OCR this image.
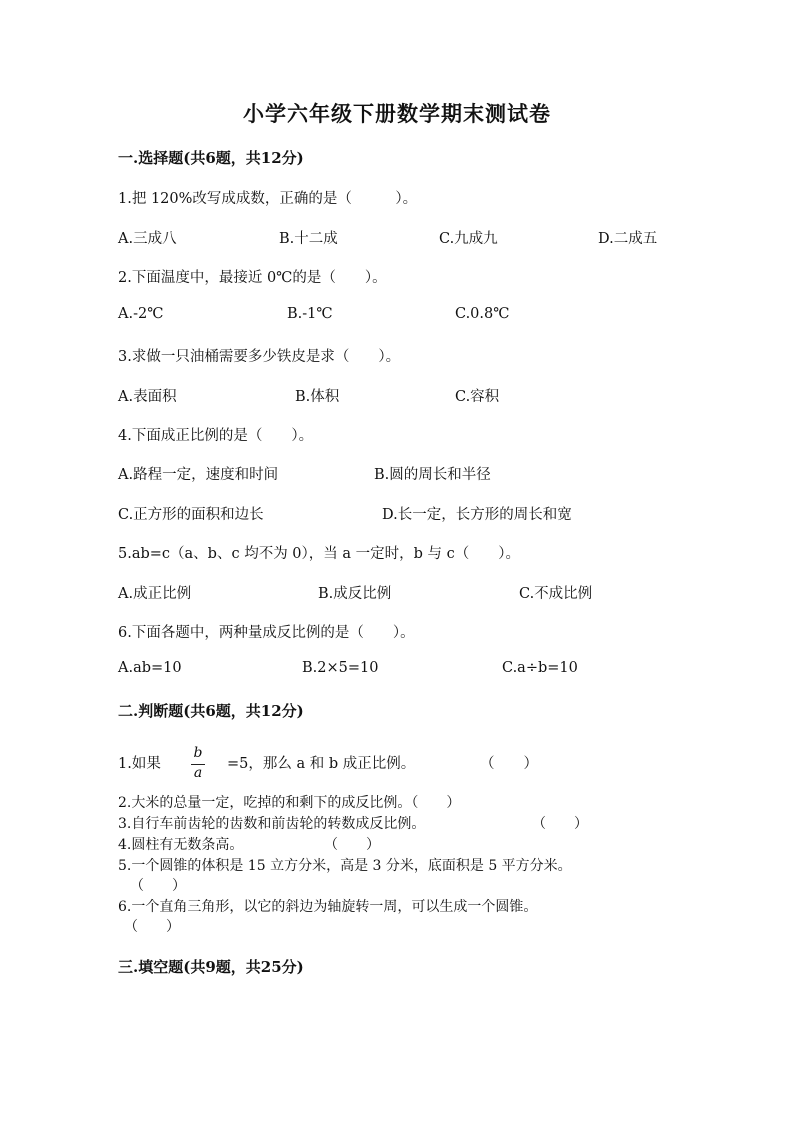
小学六年级下册数学期末测试卷
一.选择题(共6题，共12分)
1.把 120%改写成成数，正确的是（　　　）。
A.三成八	B.十二成	C.九成九	D.二成五
2.下面温度中，最接近 0℃的是（　　）。
A.-2℃	B.-1℃	C.0.8℃
3.求做一只油桶需要多少铁皮是求（　　）。
A.表面积	B.体积	C.容积
4.下面成正比例的是（　　）。
A.路程一定，速度和时间	B.圆的周长和半径
C.正方形的面积和边长	D.长一定，长方形的周长和宽
5.ab=c（a、b、c 均不为 0），当 a 一定时，b 与 c（　　）。
A.成正比例	B.成反比例	C.不成比例
6.下面各题中，两种量成反比例的是（　　）。
A.ab=10	B.2×5=10	C.a÷b=10
二.判断题(共6题，共12分)
1.如果
b
a
=5，那么 a 和 b 成正比例。	（　　）
2.大米的总量一定，吃掉的和剩下的成反比例。（　　）
3.自行车前齿轮的齿数和前齿轮的转数成反比例。	（　　）
4.圆柱有无数条高。	（　　）
5.一个圆锥的体积是 15 立方分米，高是 3 分米，底面积是 5 平方分米。
（　　）
6.一个直角三角形，以它的斜边为轴旋转一周，可以生成一个圆锥。
（　　）
三.填空题(共9题，共25分)
